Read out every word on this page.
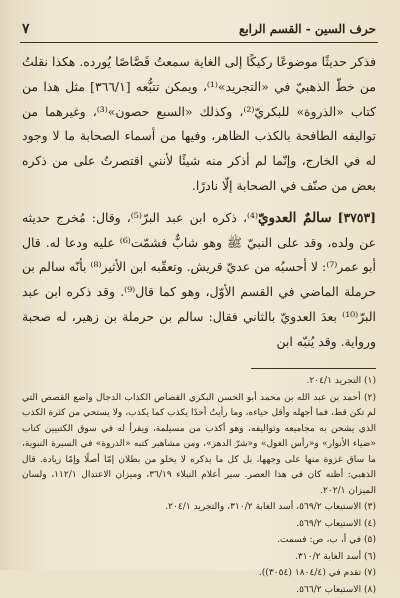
حرف السين - القسم الرابع
٧

فذكر حديثًا موضوعًا ركيكًا إلى الغاية سمعتُ قَصَّاصًا يُورده. هكذا نقلتُ من خطّ الذهبيّ في «التجريد»⁽¹⁾، ويمكن تتبُّعه [٣٦٦/١] مثل هذا من كتاب «الذروة» للبكريّ⁽²⁾، وكذلك «السبع حصون»⁽³⁾، وغيرهما من تواليفه الطافحة بالكذب الظاهر، وفيها من أسماء الصحابة ما لا وجود له في الخارج، وإنّما لم أذكر منه شيئًا لأنني اقتصرتُ على من ذكره بعض من صنّف في الصحابة إلّا نادرًا.

[٣٧٥٣] سالمٌ العدويّ⁽⁴⁾، ذكره ابن عبد البرّ⁽⁵⁾، وقال: مُخرج حديثه عن ولده، وقد على النبيّ ﷺ وهو شابٌّ فشمّت⁽⁶⁾ عليه ودعا له. قال أبو عمر⁽⁷⁾: لا أحسبُه من عديّ قريش. وتعقّبه ابن الأثير⁽⁸⁾ بأنّه سالم بن حرملة الماضي في القسم الأوّل، وهو كما قال⁽⁹⁾. وقد ذكره ابن عبد البرّ⁽¹⁰⁾ بعدَ العدويّ بالثاني فقال: سالم بن حرملة بن زهير، له صحبة ورواية. وقد يُنبّه ابن

(١) التجريد ٢٠٤/١.
(٢) أحمد بن عبد الله بن محمد أبو الحسن البكري القصاص الكذاب الدجال واضع القصص التي لم تكن قط، فما أجهله وأقل حياءه، وما رأيتُ أحدًا يكذب كما يكذب، ولا يستحي من كثرة الكذب الذي يشحن به مجاميعه وتواليفه، وهو أكذب من مسيلمة، ويقرأ له في سوق الكتبيين كتاب «ضياء الأنوار» و«رأس الغول» و«شرّ الدهر»، ومن مشاهير كتبه «الذروة» في السيرة النبوية، ما ساق غزوة منها على وجهها، بل كل ما يذكره لا يخلو من بطلان إمّا أصلًا وإمّا زيادة. قال الذهبي: أظنه كان في هذا العصر. سير أعلام النبلاء ٣٦/١٩، وميزان الاعتدال ١١٢/١، ولسان الميزان ٢٠٢/١.
(٣) الاستيعاب ٥٦٩/٢، أسد الغابة ٣١٠/٢، والتجريد ٢٠٤/١.
(٤) الاستيعاب ٥٦٩/٢.
(٥) في أ، ب، ص: فسمت.
(٦) أسد الغابة ٣١٠/٢.
(٧) تقدم في (١٨٠٤/٤ (٣٠٥٤)).
(٨) الاستيعاب ٥٦٦/٢.
